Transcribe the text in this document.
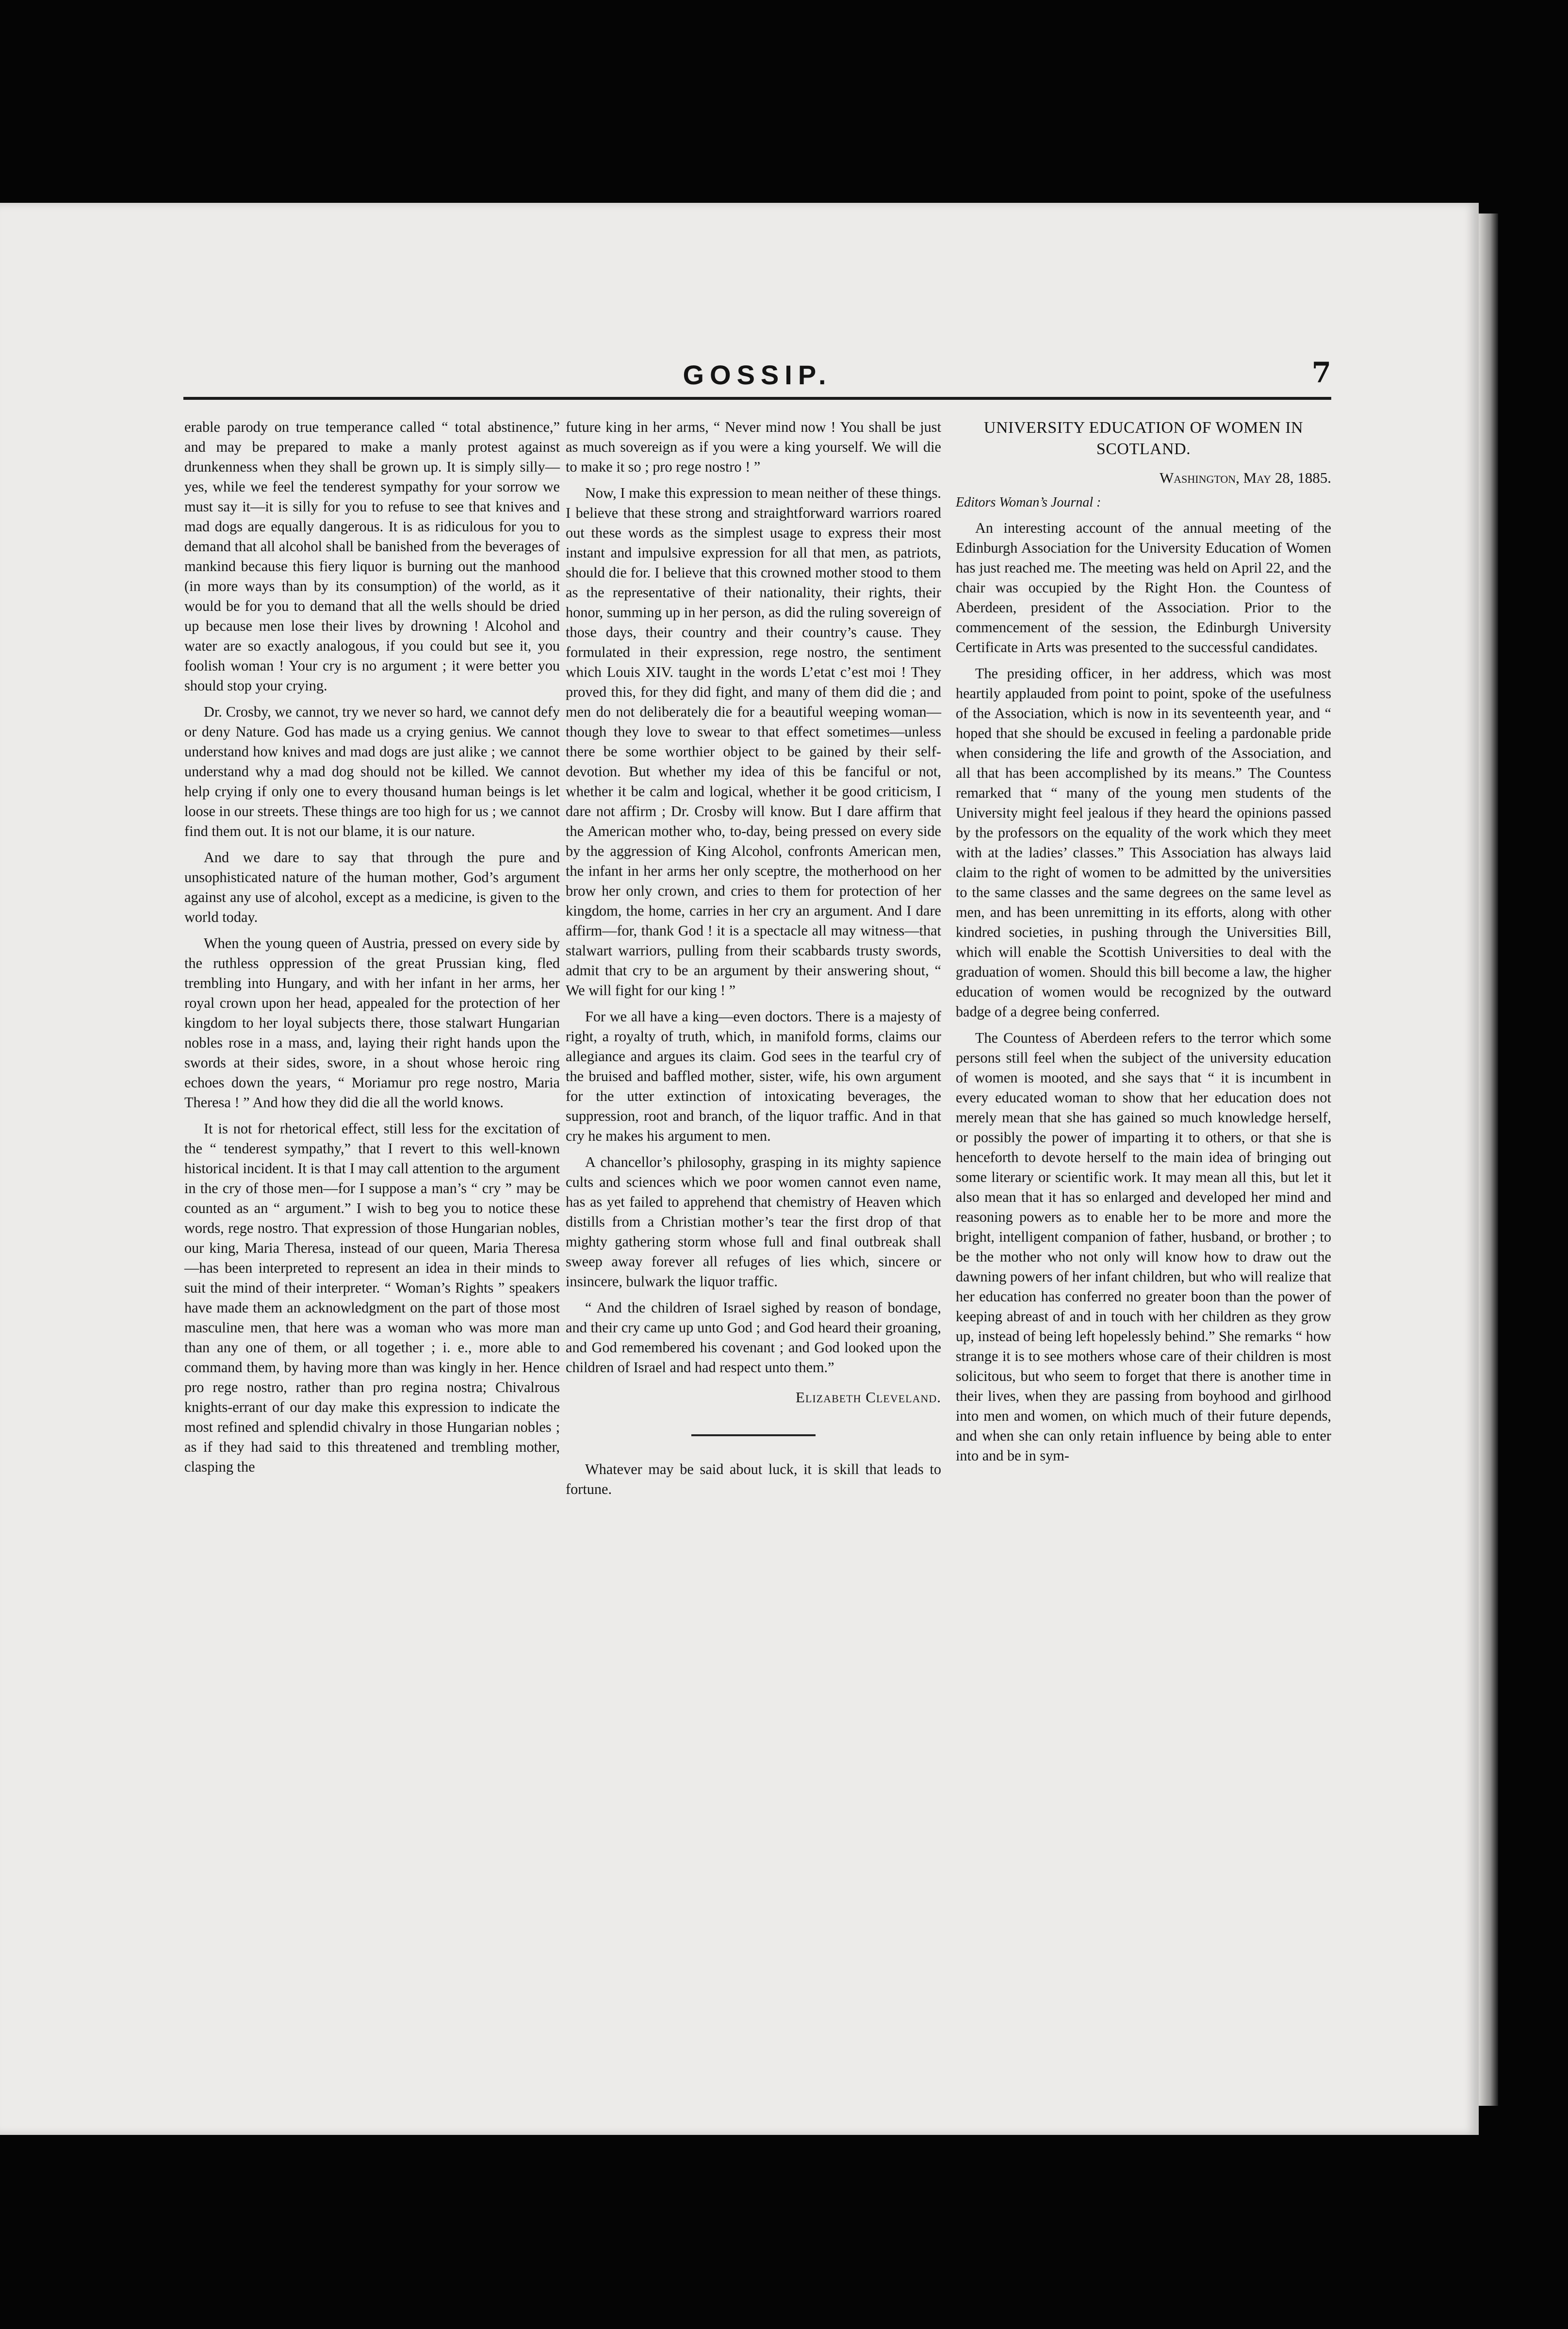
GOSSIP.	7

erable parody on true temperance called “ total abstinence,” and may be prepared to make a manly protest against drunkenness when they shall be grown up. It is simply silly—yes, while we feel the tenderest sympathy for your sorrow we must say it—it is silly for you to refuse to see that knives and mad dogs are equally dangerous. It is as ridiculous for you to demand that all alcohol shall be banished from the beverages of mankind because this fiery liquor is burning out the manhood (in more ways than by its consumption) of the world, as it would be for you to demand that all the wells should be dried up because men lose their lives by drowning ! Alcohol and water are so exactly analogous, if you could but see it, you foolish woman ! Your cry is no argument ; it were better you should stop your crying.

Dr. Crosby, we cannot, try we never so hard, we cannot defy or deny Nature. God has made us a crying genius. We cannot understand how knives and mad dogs are just alike ; we cannot understand why a mad dog should not be killed. We cannot help crying if only one to every thousand human beings is let loose in our streets. These things are too high for us ; we cannot find them out. It is not our blame, it is our nature.

And we dare to say that through the pure and unsophisticated nature of the human mother, God’s argument against any use of alcohol, except as a medicine, is given to the world today.

When the young queen of Austria, pressed on every side by the ruthless oppression of the great Prussian king, fled trembling into Hungary, and with her infant in her arms, her royal crown upon her head, appealed for the protection of her kingdom to her loyal subjects there, those stalwart Hungarian nobles rose in a mass, and, laying their right hands upon the swords at their sides, swore, in a shout whose heroic ring echoes down the years, “ Moriamur pro rege nostro, Maria Theresa ! ” And how they did die all the world knows.

It is not for rhetorical effect, still less for the excitation of the “ tenderest sympathy,” that I revert to this well-known historical incident. It is that I may call attention to the argument in the cry of those men—for I suppose a man’s “ cry ” may be counted as an “ argument.” I wish to beg you to notice these words, rege nostro. That expression of those Hungarian nobles, our king, Maria Theresa, instead of our queen, Maria Theresa—has been interpreted to represent an idea in their minds to suit the mind of their interpreter. “ Woman’s Rights ” speakers have made them an acknowledgment on the part of those most masculine men, that here was a woman who was more man than any one of them, or all together ; i. e., more able to command them, by having more than was kingly in her. Hence pro rege nostro, rather than pro regina nostra; Chivalrous knights-errant of our day make this expression to indicate the most refined and splendid chivalry in those Hungarian nobles ; as if they had said to this threatened and trembling mother, clasping the

future king in her arms, “ Never mind now ! You shall be just as much sovereign as if you were a king yourself. We will die to make it so ; pro rege nostro ! ”

Now, I make this expression to mean neither of these things. I believe that these strong and straightforward warriors roared out these words as the simplest usage to express their most instant and impulsive expression for all that men, as patriots, should die for. I believe that this crowned mother stood to them as the representative of their nationality, their rights, their honor, summing up in her person, as did the ruling sovereign of those days, their country and their country’s cause. They formulated in their expression, rege nostro, the sentiment which Louis XIV. taught in the words L’etat c’est moi ! They proved this, for they did fight, and many of them did die ; and men do not deliberately die for a beautiful weeping woman—though they love to swear to that effect sometimes—unless there be some worthier object to be gained by their self-devotion. But whether my idea of this be fanciful or not, whether it be calm and logical, whether it be good criticism, I dare not affirm ; Dr. Crosby will know. But I dare affirm that the American mother who, to-day, being pressed on every side by the aggression of King Alcohol, confronts American men, the infant in her arms her only sceptre, the motherhood on her brow her only crown, and cries to them for protection of her kingdom, the home, carries in her cry an argument. And I dare affirm—for, thank God ! it is a spectacle all may witness—that stalwart warriors, pulling from their scabbards trusty swords, admit that cry to be an argument by their answering shout, “ We will fight for our king ! ”

For we all have a king—even doctors. There is a majesty of right, a royalty of truth, which, in manifold forms, claims our allegiance and argues its claim. God sees in the tearful cry of the bruised and baffled mother, sister, wife, his own argument for the utter extinction of intoxicating beverages, the suppression, root and branch, of the liquor traffic. And in that cry he makes his argument to men.

A chancellor’s philosophy, grasping in its mighty sapience cults and sciences which we poor women cannot even name, has as yet failed to apprehend that chemistry of Heaven which distills from a Christian mother’s tear the first drop of that mighty gathering storm whose full and final outbreak shall sweep away forever all refuges of lies which, sincere or insincere, bulwark the liquor traffic.

“ And the children of Israel sighed by reason of bondage, and their cry came up unto God ; and God heard their groaning, and God remembered his covenant ; and God looked upon the children of Israel and had respect unto them.”

Elizabeth Cleveland.

Whatever may be said about luck, it is skill that leads to fortune.

UNIVERSITY EDUCATION OF WOMEN IN SCOTLAND.
Washington, May 28, 1885.
Editors Woman’s Journal :

An interesting account of the annual meeting of the Edinburgh Association for the University Education of Women has just reached me. The meeting was held on April 22, and the chair was occupied by the Right Hon. the Countess of Aberdeen, president of the Association. Prior to the commencement of the session, the Edinburgh University Certificate in Arts was presented to the successful candidates.

The presiding officer, in her address, which was most heartily applauded from point to point, spoke of the usefulness of the Association, which is now in its seventeenth year, and “ hoped that she should be excused in feeling a pardonable pride when considering the life and growth of the Association, and all that has been accomplished by its means.” The Countess remarked that “ many of the young men students of the University might feel jealous if they heard the opinions passed by the professors on the equality of the work which they meet with at the ladies’ classes.” This Association has always laid claim to the right of women to be admitted by the universities to the same classes and the same degrees on the same level as men, and has been unremitting in its efforts, along with other kindred societies, in pushing through the Universities Bill, which will enable the Scottish Universities to deal with the graduation of women. Should this bill become a law, the higher education of women would be recognized by the outward badge of a degree being conferred.

The Countess of Aberdeen refers to the terror which some persons still feel when the subject of the university education of women is mooted, and she says that “ it is incumbent in every educated woman to show that her education does not merely mean that she has gained so much knowledge herself, or possibly the power of imparting it to others, or that she is henceforth to devote herself to the main idea of bringing out some literary or scientific work. It may mean all this, but let it also mean that it has so enlarged and developed her mind and reasoning powers as to enable her to be more and more the bright, intelligent companion of father, husband, or brother ; to be the mother who not only will know how to draw out the dawning powers of her infant children, but who will realize that her education has conferred no greater boon than the power of keeping abreast of and in touch with her children as they grow up, instead of being left hopelessly behind.” She remarks “ how strange it is to see mothers whose care of their children is most solicitous, but who seem to forget that there is another time in their lives, when they are passing from boyhood and girlhood into men and women, on which much of their future depends, and when she can only retain influence by being able to enter into and be in sym-
